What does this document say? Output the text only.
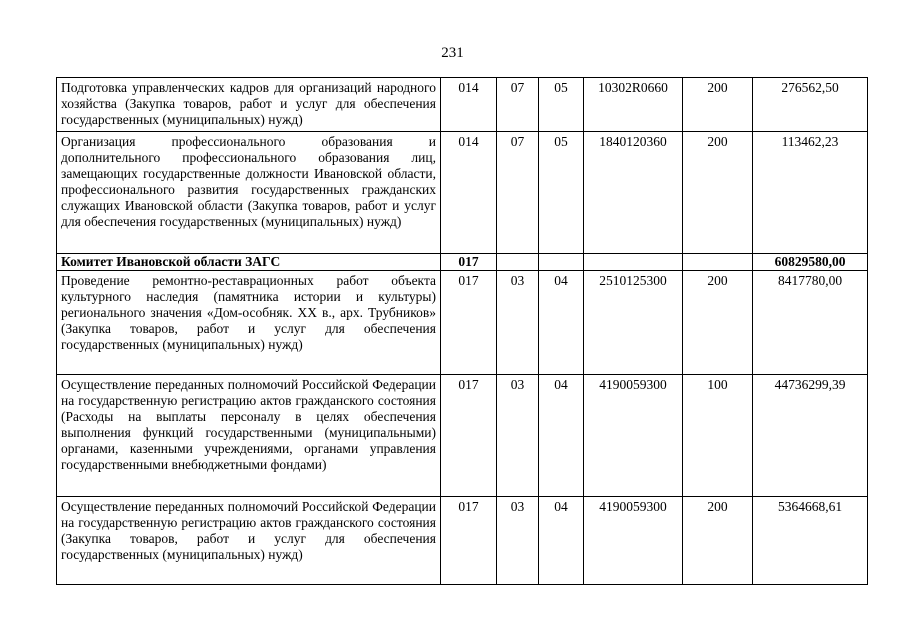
231
Подготовка управленческих кадров для организаций народного хозяйства (Закупка товаров, работ и услуг для обеспечения государственных (муниципальных) нужд)	014	07	05	10302R0660	200	276562,50
Организация профессионального образования и дополнительного профессионального образования лиц, замещающих государственные должности Ивановской области, профессионального развития государственных гражданских служащих Ивановской области (Закупка товаров, работ и услуг для обеспечения государственных (муниципальных) нужд)	014	07	05	1840120360	200	113462,23
Комитет Ивановской области ЗАГС	017					60829580,00
Проведение ремонтно-реставрационных работ объекта культурного наследия (памятника истории и культуры) регионального значения «Дом-особняк. XX в., арх. Трубников» (Закупка товаров, работ и услуг для обеспечения государственных (муниципальных) нужд)	017	03	04	2510125300	200	8417780,00
Осуществление переданных полномочий Российской Федерации на государственную регистрацию актов гражданского состояния (Расходы на выплаты персоналу в целях обеспечения выполнения функций государственными (муниципальными) органами, казенными учреждениями, органами управления государственными внебюджетными фондами)	017	03	04	4190059300	100	44736299,39
Осуществление переданных полномочий Российской Федерации на государственную регистрацию актов гражданского состояния (Закупка товаров, работ и услуг для обеспечения государственных (муниципальных) нужд)	017	03	04	4190059300	200	5364668,61
